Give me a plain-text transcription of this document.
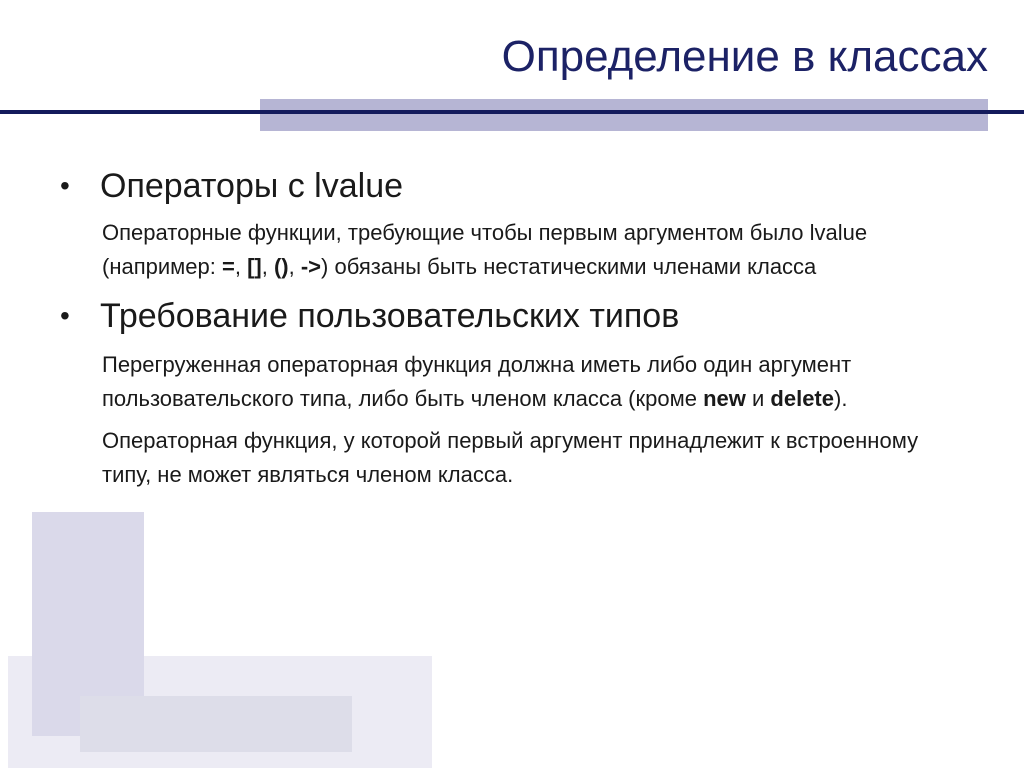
Определение в классах

• Операторы с lvalue

Операторные функции, требующие чтобы первым аргументом было lvalue (например: =, [], (), ->) обязаны быть нестатическими членами класса

• Требование пользовательских типов

Перегруженная операторная функция должна иметь либо один аргумент пользовательского типа, либо быть членом класса (кроме new и delete).

Операторная функция, у которой первый аргумент принадлежит к встроенному типу, не может являться членом класса.
